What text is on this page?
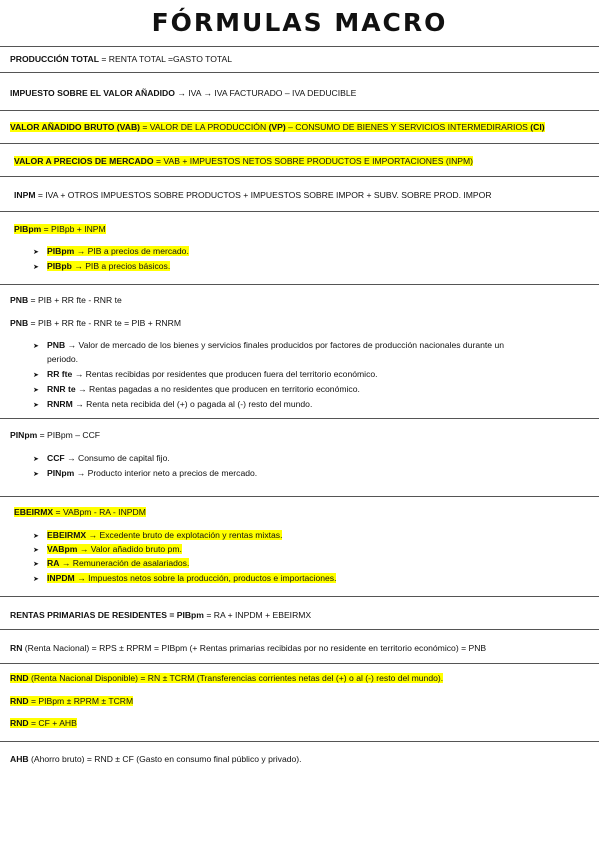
FÓRMULAS MACRO
PRODUCCIÓN TOTAL = RENTA TOTAL =GASTO TOTAL
IMPUESTO SOBRE EL VALOR AÑADIDO → IVA → IVA FACTURADO – IVA DEDUCIBLE
VALOR AÑADIDO BRUTO (VAB) = VALOR DE LA PRODUCCIÓN (VP) – CONSUMO DE BIENES Y SERVICIOS INTERMEDIRARIOS (CI)
VALOR A PRECIOS DE MERCADO = VAB + IMPUESTOS NETOS SOBRE PRODUCTOS E IMPORTACIONES (INPM)
INPM = IVA + OTROS IMPUESTOS SOBRE PRODUCTOS + IMPUESTOS SOBRE IMPOR + SUBV. SOBRE PROD. IMPOR
PIBpm = PIBpb + INPM
➤ PIBpm → PIB a precios de mercado.
➤ PIBpb → PIB a precios básicos.
PNB = PIB + RR fte - RNR te
PNB = PIB + RR fte - RNR te = PIB + RNRM
➤ PNB → Valor de mercado de los bienes y servicios finales producidos por factores de producción nacionales durante un
periodo.
➤ RR fte → Rentas recibidas por residentes que producen fuera del territorio económico.
➤ RNR te → Rentas pagadas a no residentes que producen en territorio económico.
➤ RNRM → Renta neta recibida del (+) o pagada al (-) resto del mundo.
PINpm = PIBpm – CCF
➤ CCF → Consumo de capital fijo.
➤ PINpm → Producto interior neto a precios de mercado.
EBEIRMX = VABpm - RA - INPDM
➤ EBEIRMX → Excedente bruto de explotación y rentas mixtas.
➤ VABpm → Valor añadido bruto pm.
➤ RA → Remuneración de asalariados.
➤ INPDM → Impuestos netos sobre la producción, productos e importaciones.
RENTAS PRIMARIAS DE RESIDENTES = PIBpm = RA + INPDM + EBEIRMX
RN (Renta Nacional) = RPS ± RPRM = PIBpm (+ Rentas primarias recibidas por no residente en territorio económico) = PNB
RND (Renta Nacional Disponible) = RN ± TCRM (Transferencias corrientes netas del (+) o al (-) resto del mundo).
RND = PIBpm ± RPRM ± TCRM
RND = CF + AHB
AHB (Ahorro bruto) = RND ± CF (Gasto en consumo final público y privado).
